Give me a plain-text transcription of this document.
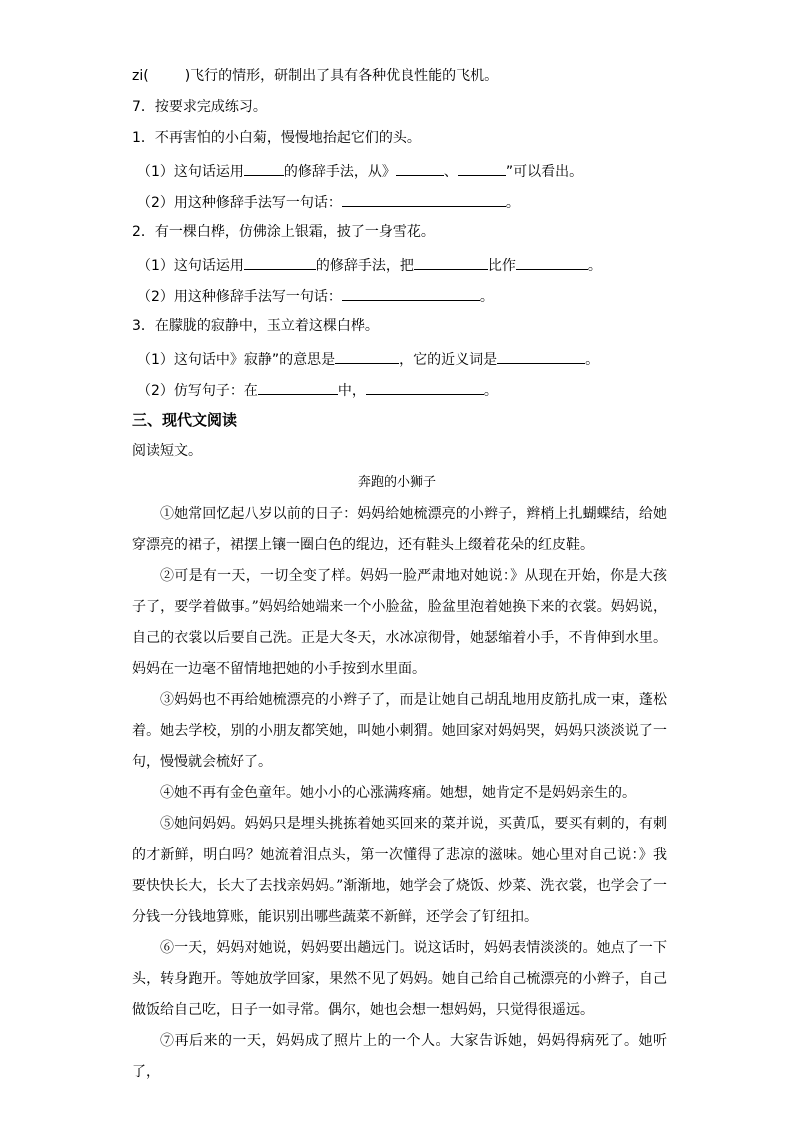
zi(	)飞行的情形，研制出了具有各种优良性能的飞机。
7．按要求完成练习。
1．不再害怕的小白菊，慢慢地抬起它们的头。
（1）这句话运用	的修辞手法，从》	、	”可以看出。
（2）用这种修辞手法写一句话：	。
2．有一棵白桦，仿佛涂上银霜，披了一身雪花。
（1）这句话运用	的修辞手法，把	比作	。
（2）用这种修辞手法写一句话：	。
3．在朦胧的寂静中，玉立着这棵白桦。
（1）这句话中》寂静”的意思是	，它的近义词是	。
（2）仿写句子：在	中，	。
三、现代文阅读
阅读短文。
奔跑的小狮子

①她常回忆起八岁以前的日子：妈妈给她梳漂亮的小辫子，辫梢上扎蝴蝶结，给她穿漂亮的裙子，裙摆上镶一圈白色的绲边，还有鞋头上缀着花朵的红皮鞋。

②可是有一天，一切全变了样。妈妈一脸严肃地对她说：》从现在开始，你是大孩子了，要学着做事。”妈妈给她端来一个小脸盆，脸盆里泡着她换下来的衣裳。妈妈说，自己的衣裳以后要自己洗。正是大冬天，水冰凉彻骨，她瑟缩着小手，不肯伸到水里。妈妈在一边毫不留情地把她的小手按到水里面。

③妈妈也不再给她梳漂亮的小辫子了，而是让她自己胡乱地用皮筋扎成一束，蓬松着。她去学校，别的小朋友都笑她，叫她小刺猬。她回家对妈妈哭，妈妈只淡淡说了一句，慢慢就会梳好了。

④她不再有金色童年。她小小的心涨满疼痛。她想，她肯定不是妈妈亲生的。

⑤她问妈妈。妈妈只是埋头挑拣着她买回来的菜并说，买黄瓜，要买有刺的，有刺的才新鲜，明白吗？她流着泪点头，第一次懂得了悲凉的滋味。她心里对自己说：》我要快快长大，长大了去找亲妈妈。”渐渐地，她学会了烧饭、炒菜、洗衣裳，也学会了一分钱一分钱地算账，能识别出哪些蔬菜不新鲜，还学会了钉纽扣。

⑥一天，妈妈对她说，妈妈要出趟远门。说这话时，妈妈表情淡淡的。她点了一下头，转身跑开。等她放学回家，果然不见了妈妈。她自己给自己梳漂亮的小辫子，自己做饭给自己吃，日子一如寻常。偶尔，她也会想一想妈妈，只觉得很遥远。

⑦再后来的一天，妈妈成了照片上的一个人。大家告诉她，妈妈得病死了。她听了，
